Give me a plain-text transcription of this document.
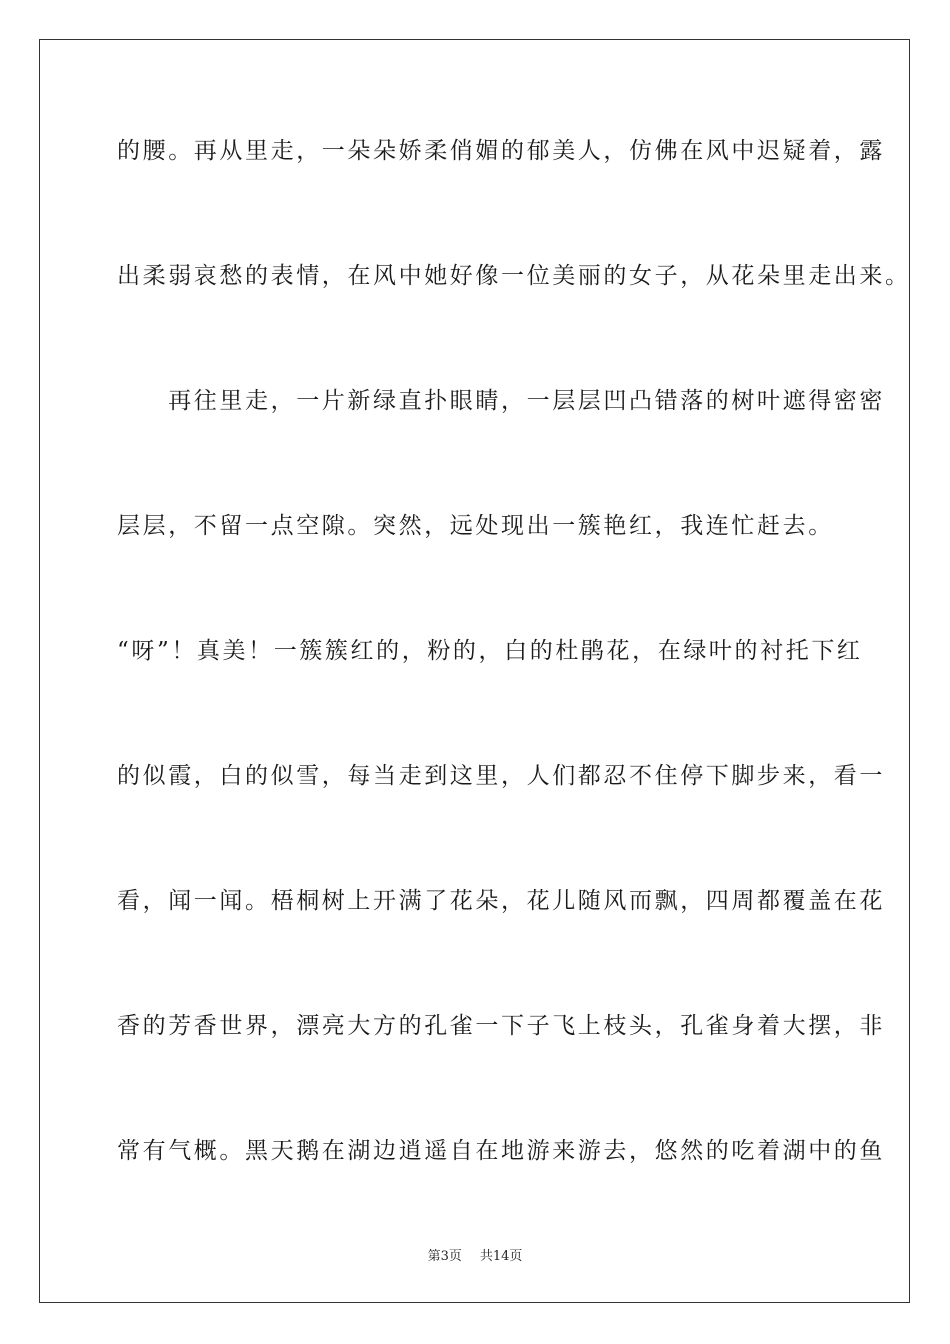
的腰。再从里走，一朵朵娇柔俏媚的郁美人，仿佛在风中迟疑着，露
出柔弱哀愁的表情，在风中她好像一位美丽的女子，从花朵里走出来。
　　再往里走，一片新绿直扑眼睛，一层层凹凸错落的树叶遮得密密
层层，不留一点空隙。突然，远处现出一簇艳红，我连忙赶去。
“呀”！真美！一簇簇红的，粉的，白的杜鹃花，在绿叶的衬托下红
的似霞，白的似雪，每当走到这里，人们都忍不住停下脚步来，看一
看，闻一闻。梧桐树上开满了花朵，花儿随风而飘，四周都覆盖在花
香的芳香世界，漂亮大方的孔雀一下子飞上枝头，孔雀身着大摆，非
常有气概。黑天鹅在湖边逍遥自在地游来游去，悠然的吃着湖中的鱼
第3页 共14页
